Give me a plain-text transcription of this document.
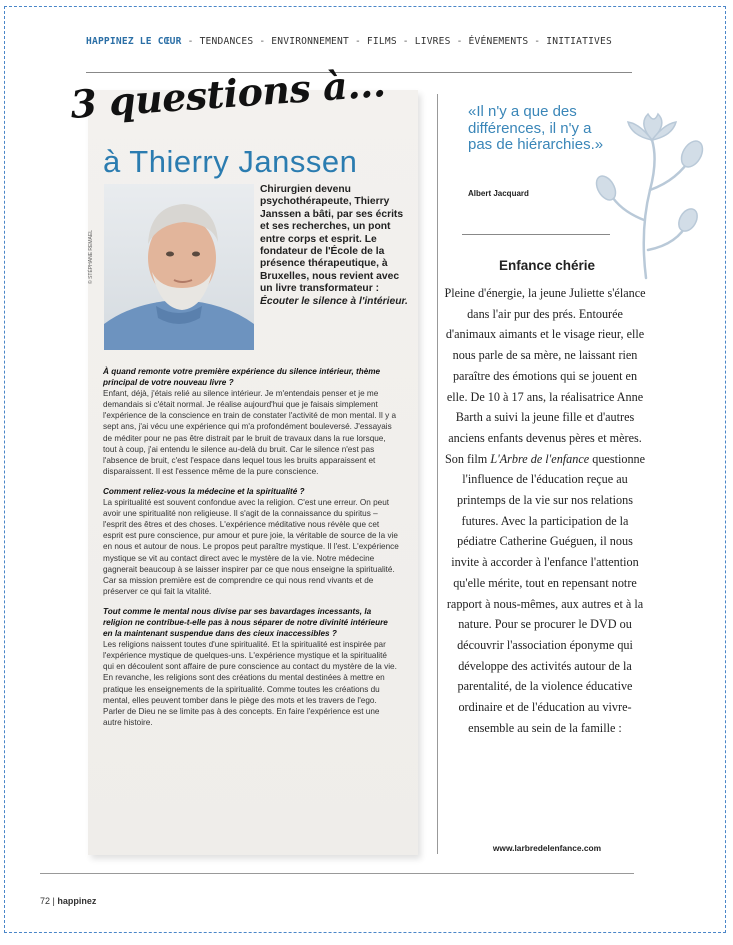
HAPPINEZ LE CŒUR - TENDANCES - ENVIRONNEMENT - FILMS - LIVRES - ÉVÉNEMENTS - INITIATIVES
3 questions à...
à Thierry Janssen
© STÉPHANE REMAEL
Chirurgien devenu psychothérapeute, Thierry Janssen a bâti, par ses écrits et ses recherches, un pont entre corps et esprit. Le fondateur de l'École de la présence thérapeutique, à Bruxelles, nous revient avec un livre transformateur : Écouter le silence à l'intérieur.

À quand remonte votre première expérience du silence intérieur, thème principal de votre nouveau livre ?
Enfant, déjà, j'étais relié au silence intérieur. Je m'entendais penser et je me demandais si c'était normal. Je réalise aujourd'hui que je faisais simplement l'expérience de la conscience en train de constater l'activité de mon mental. Il y a sept ans, j'ai vécu une expérience qui m'a profondément bouleversé. J'essayais de méditer pour ne pas être distrait par le bruit de travaux dans la rue lorsque, tout à coup, j'ai entendu le silence au-delà du bruit. Car le silence n'est pas l'absence de bruit, c'est l'espace dans lequel tous les bruits apparaissent et disparaissent. Il est l'essence même de la pure conscience.

Comment reliez-vous la médecine et la spiritualité ?
La spiritualité est souvent confondue avec la religion. C'est une erreur. On peut avoir une spiritualité non religieuse. Il s'agit de la connaissance du spiritus – l'esprit des êtres et des choses. L'expérience méditative nous révèle que cet esprit est pure conscience, pur amour et pure joie, la véritable de source de la vie en nous et autour de nous. Le propos peut paraître mystique. Il l'est. L'expérience mystique se vit au contact direct avec le mystère de la vie. Notre médecine gagnerait beaucoup à se laisser inspirer par ce que nous enseigne la spiritualité. Car sa mission première est de comprendre ce qui nous rend vivants et de préserver ce qui fait la vitalité.

Tout comme le mental nous divise par ses bavardages incessants, la religion ne contribue-t-elle pas à nous séparer de notre divinité intérieure en la maintenant suspendue dans des cieux inaccessibles ?
Les religions naissent toutes d'une spiritualité. Et la spiritualité est inspirée par l'expérience mystique de quelques-uns. L'expérience mystique et la spiritualité qui en découlent sont affaire de pure conscience au contact du mystère de la vie. En revanche, les religions sont des créations du mental destinées à mettre en pratique les enseignements de la spiritualité. Comme toutes les créations du mental, elles peuvent tomber dans le piège des mots et les travers de l'ego. Parler de Dieu ne se limite pas à des concepts. En faire l'expérience est une autre histoire.

«Il n'y a que des différences, il n'y a pas de hiérarchies.»
Albert Jacquard
Enfance chérie
Pleine d'énergie, la jeune Juliette s'élance dans l'air pur des prés. Entourée d'animaux aimants et le visage rieur, elle nous parle de sa mère, ne laissant rien paraître des émotions qui se jouent en elle. De 10 à 17 ans, la réalisatrice Anne Barth a suivi la jeune fille et d'autres anciens enfants devenus pères et mères. Son film L'Arbre de l'enfance questionne l'influence de l'éducation reçue au printemps de la vie sur nos relations futures. Avec la participation de la pédiatre Catherine Guéguen, il nous invite à accorder à l'enfance l'attention qu'elle mérite, tout en repensant notre rapport à nous-mêmes, aux autres et à la nature. Pour se procurer le DVD ou découvrir l'association éponyme qui développe des activités autour de la parentalité, de la violence éducative ordinaire et de l'éducation au vivre-ensemble au sein de la famille :
www.larbredelenfance.com
72 | happinez
